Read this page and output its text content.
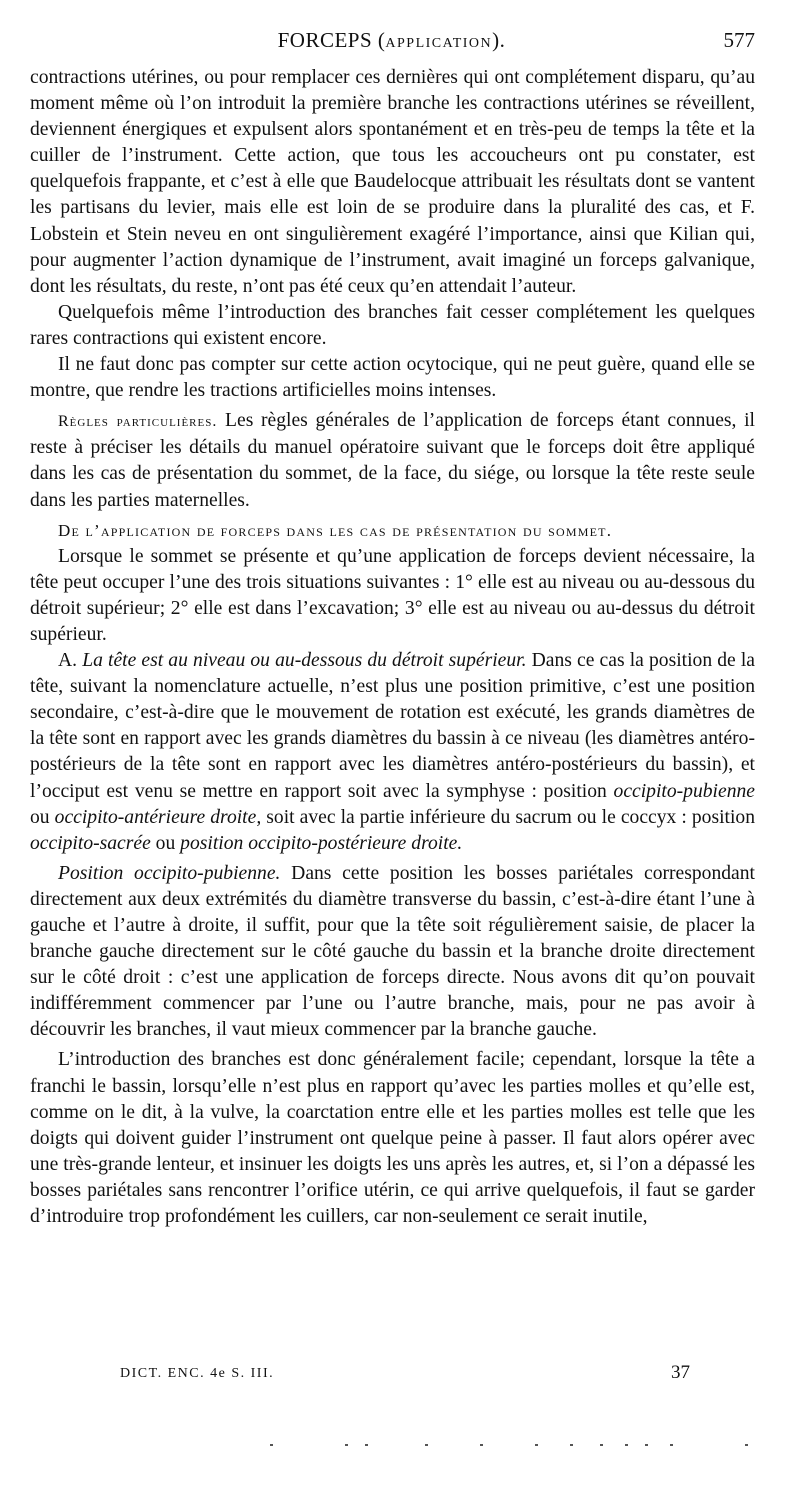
FORCEPS (APPLICATION).	577

contractions utérines, ou pour remplacer ces dernières qui ont complétement disparu, qu’au moment même où l’on introduit la première branche les contractions utérines se réveillent, deviennent énergiques et expulsent alors spontanément et en très-peu de temps la tête et la cuiller de l’instrument. Cette action, que tous les accoucheurs ont pu constater, est quelquefois frappante, et c’est à elle que Baudelocque attribuait les résultats dont se vantent les partisans du levier, mais elle est loin de se produire dans la pluralité des cas, et F. Lobstein et Stein neveu en ont singulièrement exagéré l’importance, ainsi que Kilian qui, pour augmenter l’action dynamique de l’instrument, avait imaginé un forceps galvanique, dont les résultats, du reste, n’ont pas été ceux qu’en attendait l’auteur.

Quelquefois même l’introduction des branches fait cesser complétement les quelques rares contractions qui existent encore.

Il ne faut donc pas compter sur cette action ocytocique, qui ne peut guère, quand elle se montre, que rendre les tractions artificielles moins intenses.

Règles particulières. Les règles générales de l’application de forceps étant connues, il reste à préciser les détails du manuel opératoire suivant que le forceps doit être appliqué dans les cas de présentation du sommet, de la face, du siége, ou lorsque la tête reste seule dans les parties maternelles.

De l’application de forceps dans les cas de présentation du sommet.

Lorsque le sommet se présente et qu’une application de forceps devient nécessaire, la tête peut occuper l’une des trois situations suivantes : 1° elle est au niveau ou au-dessous du détroit supérieur; 2° elle est dans l’excavation; 3° elle est au niveau ou au-dessus du détroit supérieur.

A. La tête est au niveau ou au-dessous du détroit supérieur. Dans ce cas la position de la tête, suivant la nomenclature actuelle, n’est plus une position primitive, c’est une position secondaire, c’est-à-dire que le mouvement de rotation est exécuté, les grands diamètres de la tête sont en rapport avec les grands diamètres du bassin à ce niveau (les diamètres antéro-postérieurs de la tête sont en rapport avec les diamètres antéro-postérieurs du bassin), et l’occiput est venu se mettre en rapport soit avec la symphyse : position occipito-pubienne ou occipito-antérieure droite, soit avec la partie inférieure du sacrum ou le coccyx : position occipito-sacrée ou position occipito-postérieure droite.

Position occipito-pubienne. Dans cette position les bosses pariétales correspondant directement aux deux extrémités du diamètre transverse du bassin, c’est-à-dire étant l’une à gauche et l’autre à droite, il suffit, pour que la tête soit régulièrement saisie, de placer la branche gauche directement sur le côté gauche du bassin et la branche droite directement sur le côté droit : c’est une application de forceps directe. Nous avons dit qu’on pouvait indifféremment commencer par l’une ou l’autre branche, mais, pour ne pas avoir à découvrir les branches, il vaut mieux commencer par la branche gauche.

L’introduction des branches est donc généralement facile; cependant, lorsque la tête a franchi le bassin, lorsqu’elle n’est plus en rapport qu’avec les parties molles et qu’elle est, comme on le dit, à la vulve, la coarctation entre elle et les parties molles est telle que les doigts qui doivent guider l’instrument ont quelque peine à passer. Il faut alors opérer avec une très-grande lenteur, et insinuer les doigts les uns après les autres, et, si l’on a dépassé les bosses pariétales sans rencontrer l’orifice utérin, ce qui arrive quelquefois, il faut se garder d’introduire trop profondément les cuillers, car non-seulement ce serait inutile,

DICT. ENC. 4e S. III.	37
